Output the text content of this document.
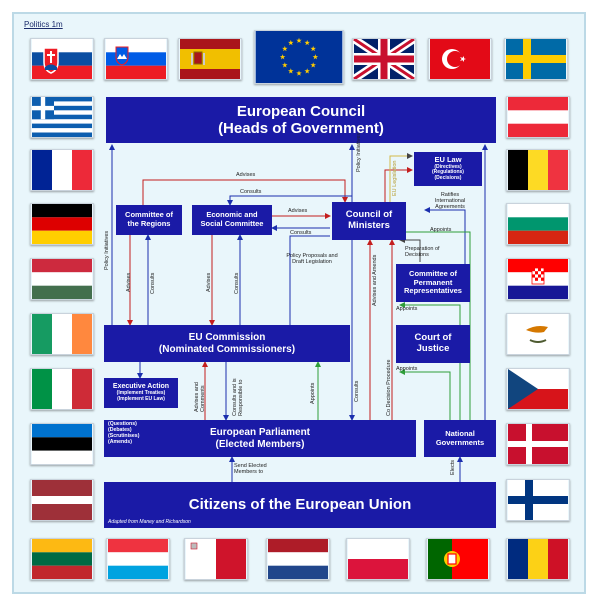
Politics 1m
European Council
(Heads of Government)
EU Law
(Directives)
(Regulations)
(Decisions)
Committee of
the Regions
Economic and
Social Committee
Council of
Ministers
Committee of
Permanent
Representatives
EU Commission
(Nominated Commissioners)
Court of
Justice
Executive Action
(Implement Treaties)
(Implement EU Law)
European Parliament
(Elected Members)
(Questions)
(Debates)
(Scrutinises)
(Amends)
National
Governments
Citizens of the European Union
Adapted from Maney and Richardson
Advises
Consults
Advises
Consults
Ratifies International Agreements
Appoints
Preparation of Decisions
Appoints
Appoints
Policy Proposals and Draft Legislation
Policy Initiatives
Policy Initiatives
EU Legislation
Advises	Consults	Advises	Consults	Advises and Amends
Consults	Co Decision Procedure
Advises and Comments	Consults and is Responsible to	Appoints
Send Elected Members to	Elects
